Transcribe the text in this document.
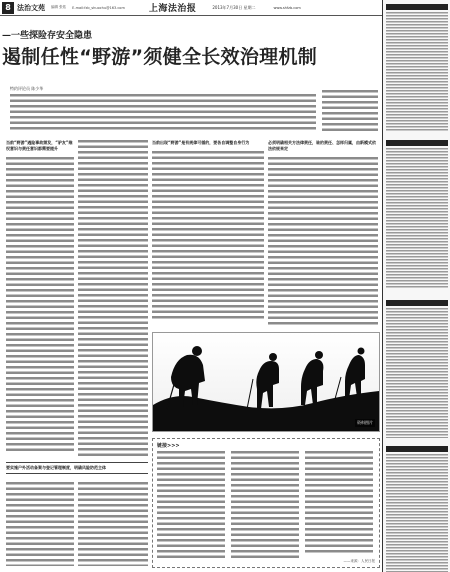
8 法治文苑 编辑 张佑 E-mail:fzb_shuochu@163.com	上海法治报	2013年7月30日 星期二	www.shfzb.com
—一些探险存安全隐患
遏制任性“野游”须健全长效治理机制
特约评论员 陈少华
当前“野游”遇险事故频发，“驴友”维权意识与责任意识都需要提升
当前出现“野游”是有规律可循的，要各自调整自身行为	必须明确相关方法律责任，谁的责任、怎样归属，由新模式依法依规来定
要实施户外活动备案与登记管理制度，明确风险防范主体
资料图片
链接>>>
——来源：人民日报
